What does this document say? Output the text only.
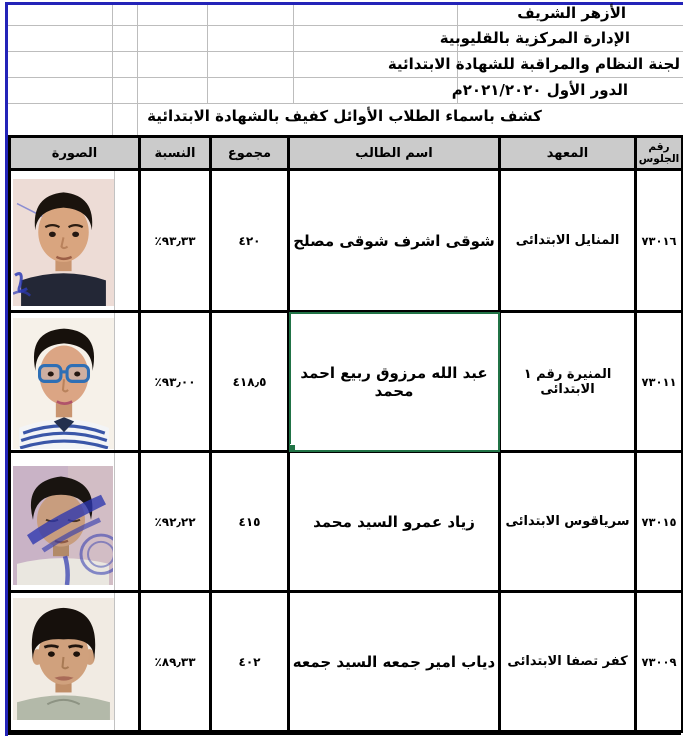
الأزهر الشريف
الإدارة المركزية بالقليوبية
لجنة النظام والمراقبة للشهادة الابتدائية
الدور الأول ٢٠٢١/٢٠٢٠م
كشف باسماء الطلاب الأوائل كفيف بالشهادة الابتدائية
رقم الجلوس	المعهد	اسم الطالب	مجموع	النسبة	الصورة
٧٣٠١٦	المنايل الابتدائى	شوقى اشرف شوقى مصلح	٤٢٠	٪٩٣٫٣٣	

٧٣٠١١	المنيرة رقم ١ الابتدائى	عبد الله مرزوق ربيع احمد محمد	٤١٨٫٥	٪٩٣٫٠٠	

٧٣٠١٥	سرياقوس الابتدائى	زياد عمرو السيد محمد	٤١٥	٪٩٢٫٢٢	

٧٣٠٠٩	كفر تصفا الابتدائى	دياب امير جمعه السيد جمعه	٤٠٢	٪٨٩٫٣٣	
